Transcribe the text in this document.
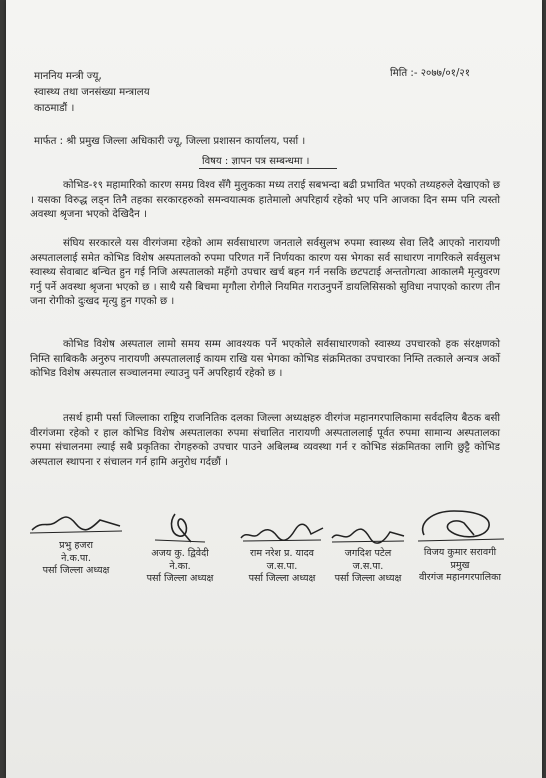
मिति :- २०७७/०१/२१
माननिय मन्त्री ज्यू,
स्वास्थ्य तथा जनसंख्या मन्त्रालय
काठमाडौं ।
मार्फत : श्री प्रमुख जिल्ला अधिकारी ज्यू, जिल्ला प्रशासन कार्यालय, पर्सा ।
विषय : ज्ञापन पत्र सम्बन्धमा ।
कोभिड-१९ महामारिको कारण समग्र विश्व सँगै मुलुकका मध्य तराई सबभन्दा बढी प्रभावित भएको तथ्यहरुले देखाएको छ । यसका विरुद्ध लड्न तिनै तहका सरकारहरुको समन्वयात्मक हातेमालो अपरिहार्य रहेको भए पनि आजका दिन सम्म पनि त्यस्तो अवस्था श्रृजना भएको देखिदैन ।
संघिय सरकारले यस वीरगंजमा रहेको आम सर्वसाधारण जनताले सर्वसुलभ रुपमा स्वास्थ्य सेवा लिदै आएको नारायणी अस्पताललाई समेत कोभिड विशेष अस्पतालको रुपमा परिणत गर्ने निर्णयका कारण यस भेगका सर्व साधारण नागरिकले सर्वसुलभ स्वास्थ्य सेवाबाट बन्चित हुन गई निजि अस्पतालको महँगो उपचार खर्च बहन गर्न नसकि छटपटाई अन्ततोगत्वा आकालमै मृत्युवरण गर्नु पर्ने अवस्था श्रृजना भएको छ । साथै यसै बिचमा मृगौला रोगीले नियमित गराउनुपर्ने डायलिसिसको सुविधा नपाएको कारण तीन जना रोगीको दुःखद मृत्यु हुन गएको छ ।
कोभिड विशेष अस्पताल लामो समय सम्म आवश्यक पर्ने भएकोले सर्वसाधारणको स्वास्थ्य उपचारको हक संरक्षणको निम्ति साबिककै अनुरुप नारायणी अस्पताललाई कायम राखि यस भेगका कोभिड संक्रमितका उपचारका निम्ति तत्काले अन्यत्र अर्को कोभिड विशेष अस्पताल सञ्चालनमा ल्याउनु पर्ने अपरिहार्य रहेको छ ।
तसर्थ हामी पर्सा जिल्लाका राष्ट्रिय राजनितिक दलका जिल्ला अध्यक्षहरु वीरगंज महानगरपालिकामा सर्वदलिय बैठक बसी वीरगंजमा रहेको र हाल कोभिड विशेष अस्पतालका रुपमा संचालित नारायणी अस्पताललाई पूर्वत रुपमा सामान्य अस्पतालका रुपमा संचालनमा ल्याई सबै प्रकृतिका रोगहरुको उपचार पाउने अबिलम्ब व्यवस्था गर्न र कोभिड संक्रमितका लागि छुट्टै कोभिड अस्पताल स्थापना र संचालन गर्न हामि अनुरोध गर्दछौं ।
प्रभु हजरा
ने.क.पा.
पर्सा जिल्ला अध्यक्ष
अजय कु. द्विवेदी
ने.का.
पर्सा जिल्ला अध्यक्ष
राम नरेश प्र. यादव
ज.स.पा.
पर्सा जिल्ला अध्यक्ष
जगदिश पटेल
ज.स.पा.
पर्सा जिल्ला अध्यक्ष
विजय कुमार सरावगी
प्रमुख
वीरगंज महानगरपालिका
